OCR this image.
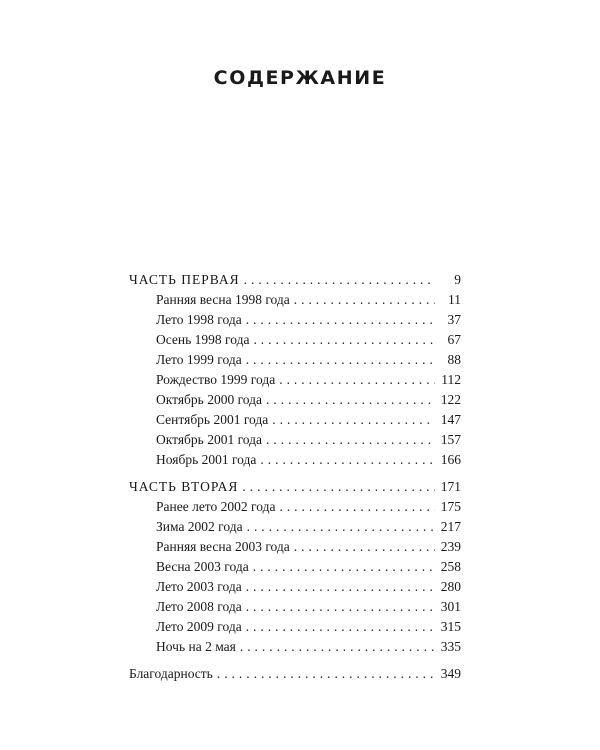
СОДЕРЖАНИЕ
ЧАСТЬ ПЕРВАЯ . . .	9
Ранняя весна 1998 года . . .	11
Лето 1998 года . . .	37
Осень 1998 года . . .	67
Лето 1999 года . . .	88
Рождество 1999 года . . .	112
Октябрь 2000 года . . .	122
Сентябрь 2001 года . . .	147
Октябрь 2001 года . . .	157
Ноябрь 2001 года . . .	166
ЧАСТЬ ВТОРАЯ . . .	171
Ранее лето 2002 года . . .	175
Зима 2002 года . . .	217
Ранняя весна 2003 года . . .	239
Весна 2003 года . . .	258
Лето 2003 года . . .	280
Лето 2008 года . . .	301
Лето 2009 года . . .	315
Ночь на 2 мая . . .	335
Благодарность . . .	349
